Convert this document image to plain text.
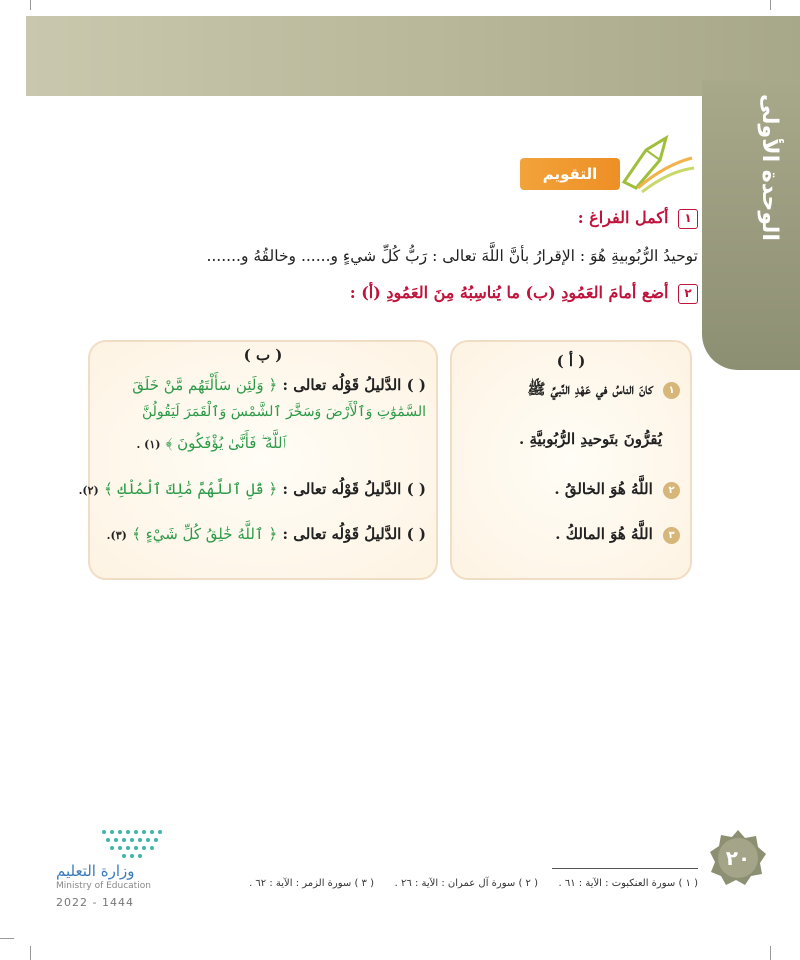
الوحدة الأولى
التقويم
١ أكمل الفراغ :
توحيدُ الرُّبُوبيةِ هُوَ : الإقرارُ بأنَّ اللَّهَ تعالى : رَبُّ كُلِّ شيءٍ و...... وخالقُهُ و.......
٢ أضع أمامَ العَمُودِ (ب) ما يُناسِبُهُ مِنَ العَمُودِ (أ) :
( أ )
١ كانَ الناسُ في عَهْدِ النَّبيِّ ﷺ
يُقرُّونَ بتَوحيدِ الرُّبُوبيَّةِ .
٢ اللَّهُ هُوَ الخالقُ .
٣ اللَّهُ هُوَ المالكُ .
( ب )
( ) الدَّليلُ قَوْلُه تعالى : ﴿ وَلَئِن سَأَلْتَهُم مَّنْ خَلَقَ
السَّمَٰوَٰتِ وَٱلْأَرْضَ وَسَخَّرَ ٱلشَّمْسَ وَٱلْقَمَرَ لَيَقُولُنَّ
ٱللَّهُ ۖ فَأَنَّىٰ يُؤْفَكُونَ ﴾ (١) .
( ) الدَّليلُ قَوْلُه تعالى : ﴿ قُلِ ٱللَّهُمَّ مَٰلِكَ ٱلْمُلْكِ ﴾ (٢).
( ) الدَّليلُ قَوْلُه تعالى : ﴿ ٱللَّهُ خَٰلِقُ كُلِّ شَيْءٍ ﴾ (٣).
٢٠
( ١ ) سورة العنكبوت : الآية : ٦١ .
( ٢ ) سورة آل عمران : الآية : ٢٦ .
( ٣ ) سورة الزمر : الآية : ٦٢ .
وزارة التعليم
Ministry of Education
2022 - 1444
